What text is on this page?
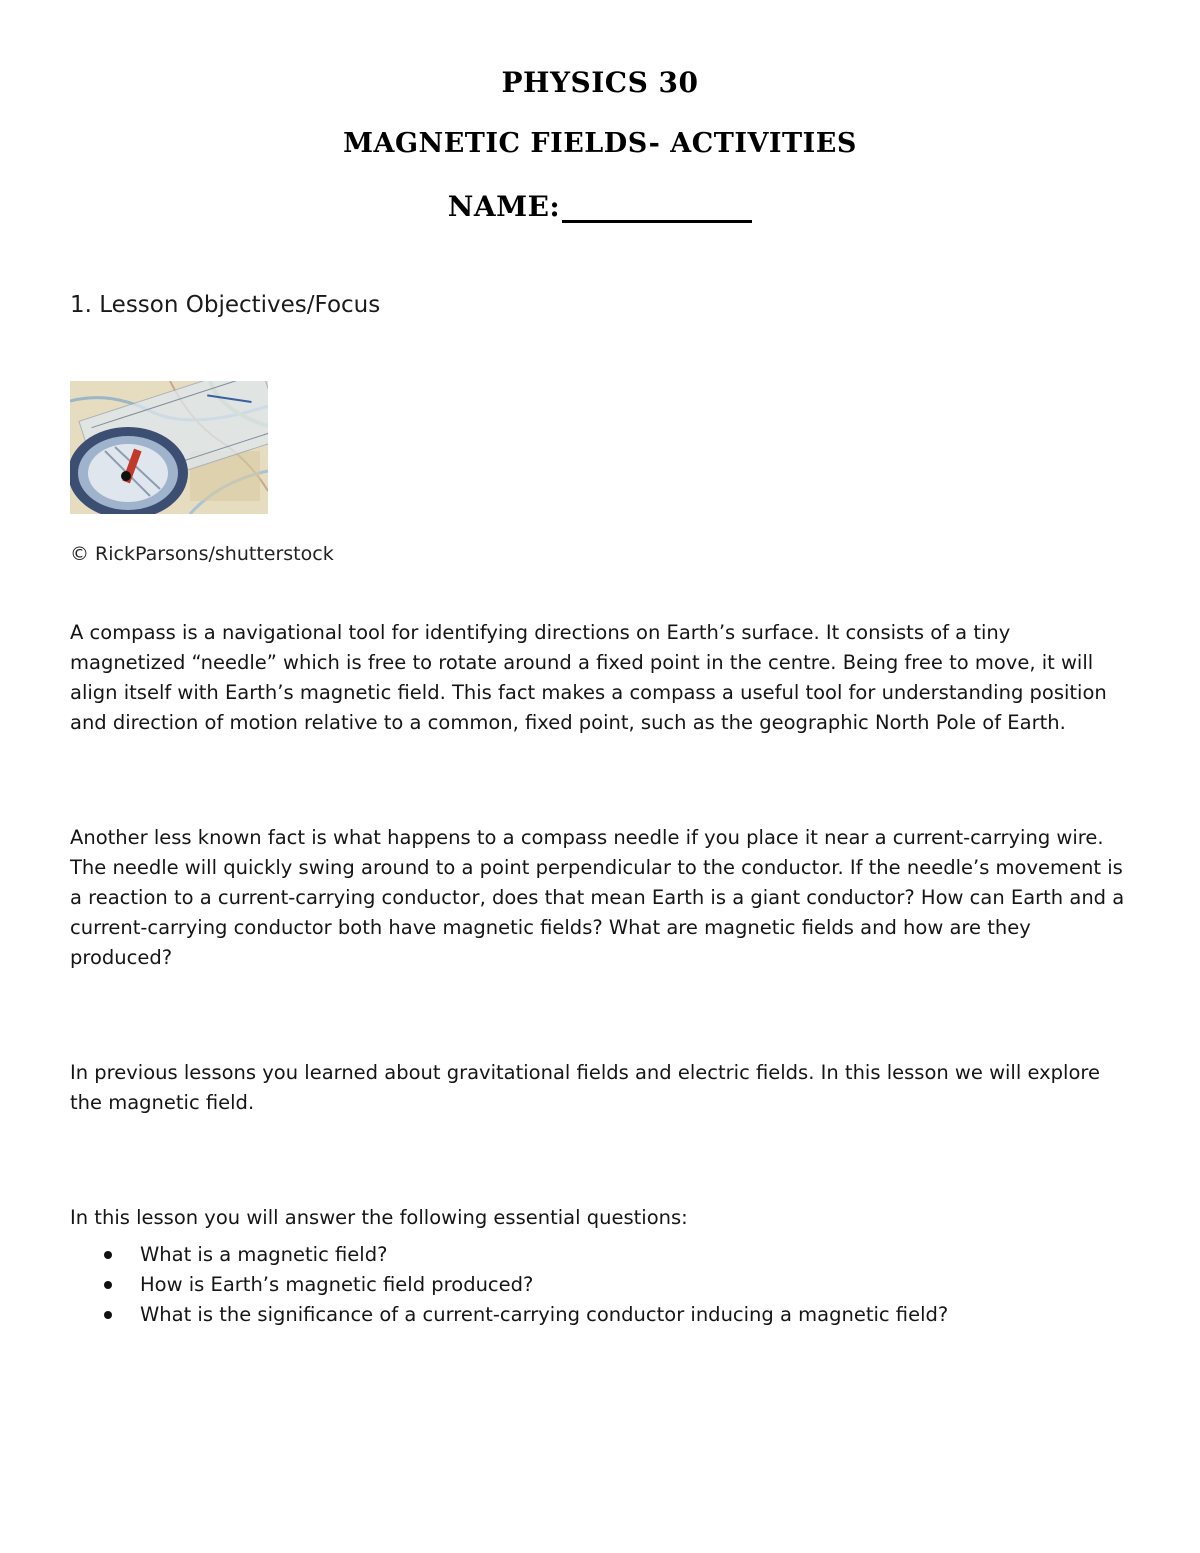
PHYSICS 30
MAGNETIC FIELDS- ACTIVITIES
NAME:
1. Lesson Objectives/Focus
© RickParsons/shutterstock

A compass is a navigational tool for identifying directions on Earth’s surface. It consists of a tiny magnetized “needle” which is free to rotate around a fixed point in the centre. Being free to move, it will align itself with Earth’s magnetic field. This fact makes a compass a useful tool for understanding position and direction of motion relative to a common, fixed point, such as the geographic North Pole of Earth.

Another less known fact is what happens to a compass needle if you place it near a current-carrying wire. The needle will quickly swing around to a point perpendicular to the conductor. If the needle’s movement is a reaction to a current-carrying conductor, does that mean Earth is a giant conductor? How can Earth and a current-carrying conductor both have magnetic fields? What are magnetic fields and how are they produced?

In previous lessons you learned about gravitational fields and electric fields. In this lesson we will explore the magnetic field.

In this lesson you will answer the following essential questions:

What is a magnetic field?
How is Earth’s magnetic field produced?
What is the significance of a current-carrying conductor inducing a magnetic field?
